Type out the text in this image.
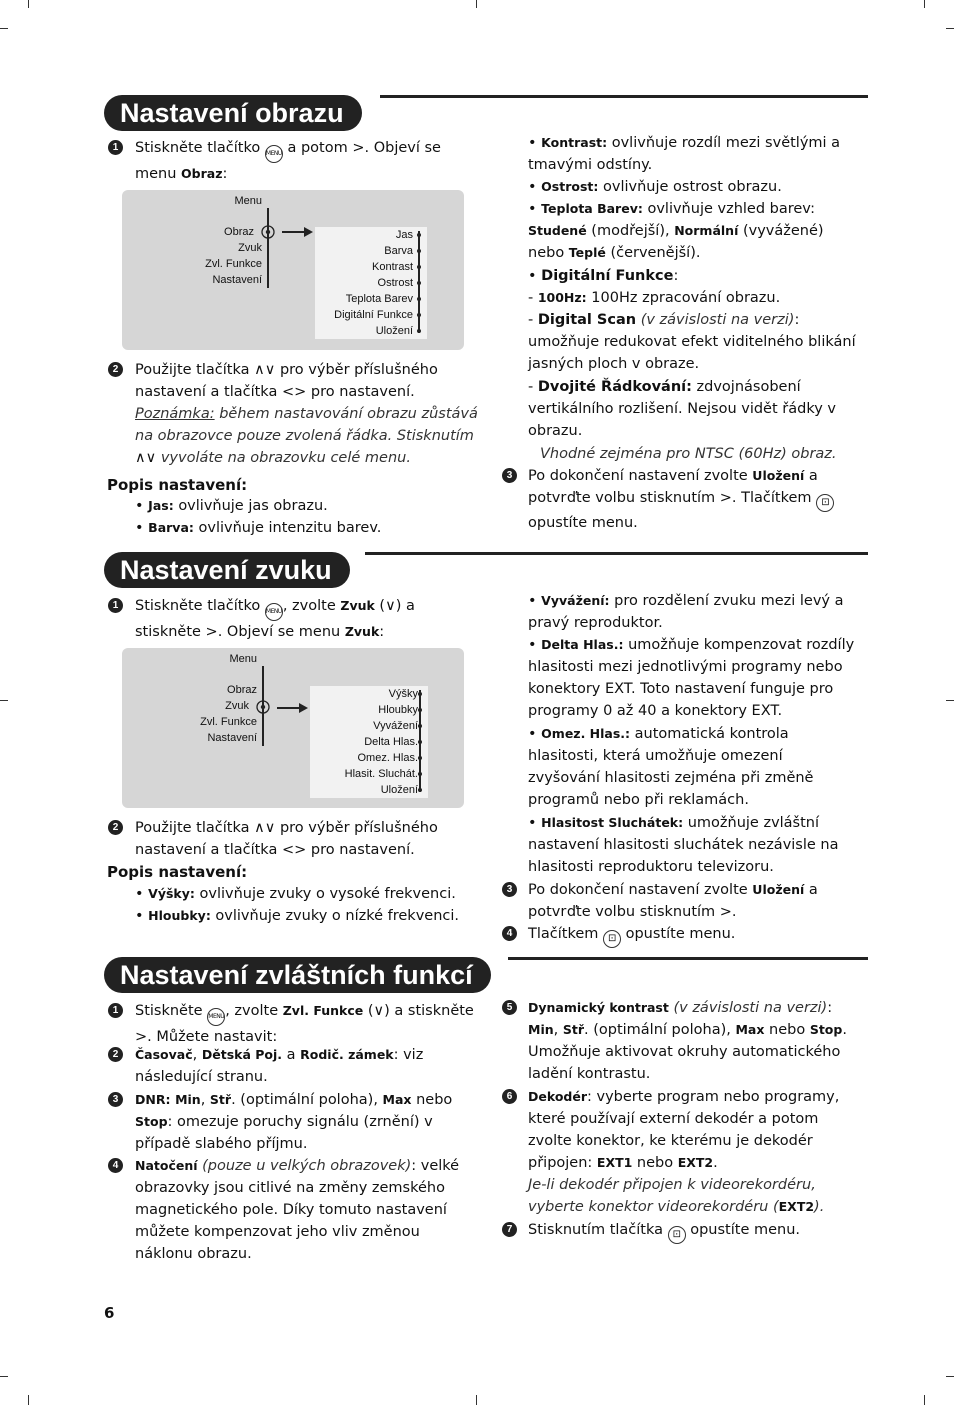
Nastavení obrazu
1	Stiskněte tlačítko MENU a potom >. Objeví se menu Obraz:
Menu
Obraz
Zvuk
Zvl. Funkce
Nastavení
Jas
Barva
Kontrast
Ostrost
Teplota Barev
Digitální Funkce
Uložení
2	Použijte tlačítka ∧∨ pro výběr příslušného nastavení a tlačítka <> pro nastavení.
Poznámka: během nastavování obrazu zůstává na obrazovce pouze zvolená řádka. Stisknutím ∧∨ vyvoláte na obrazovku celé menu.
Popis nastavení:
• Jas: ovlivňuje jas obrazu.
• Barva: ovlivňuje intenzitu barev.
• Kontrast: ovlivňuje rozdíl mezi světlými a tmavými odstíny.
• Ostrost: ovlivňuje ostrost obrazu.
• Teplota Barev: ovlivňuje vzhled barev: Studené (modřejší), Normální (vyvážené) nebo Teplé (červenější).
• Digitální Funkce:
- 100Hz: 100Hz zpracování obrazu.
- Digital Scan (v závislosti na verzi): umožňuje redukovat efekt viditelného blikání jasných ploch v obraze.
- Dvojité Řádkování: zdvojnásobení vertikálního rozlišení. Nejsou vidět řádky v obrazu.
Vhodné zejména pro NTSC (60Hz) obraz.
3	Po dokončení nastavení zvolte Uložení a potvrďte volbu stisknutím >. Tlačítkem ⊡ opustíte menu.
Nastavení zvuku
1	Stiskněte tlačítko MENU, zvolte Zvuk (∨) a stiskněte >. Objeví se menu Zvuk:
Menu
Obraz
Zvuk
Zvl. Funkce
Nastavení
Výšky
Hloubky
Vyvážení
Delta Hlas.
Omez. Hlas.
Hlasit. Sluchát.
Uložení
2	Použijte tlačítka ∧∨ pro výběr příslušného nastavení a tlačítka <> pro nastavení.
Popis nastavení:
• Výšky: ovlivňuje zvuky o vysoké frekvenci.
• Hloubky: ovlivňuje zvuky o nízké frekvenci.
• Vyvážení: pro rozdělení zvuku mezi levý a pravý reproduktor.
• Delta Hlas.: umožňuje kompenzovat rozdíly hlasitosti mezi jednotlivými programy nebo konektory EXT. Toto nastavení funguje pro programy 0 až 40 a konektory EXT.
• Omez. Hlas.: automatická kontrola hlasitosti, která umožňuje omezení zvyšování hlasitosti zejména při změně programů nebo při reklamách.
• Hlasitost Sluchátek: umožňuje zvláštní nastavení hlasitosti sluchátek nezávisle na hlasitosti reproduktoru televizoru.
3	Po dokončení nastavení zvolte Uložení a potvrďte volbu stisknutím >.
4	Tlačítkem ⊡ opustíte menu.
Nastavení zvláštních funkcí
1	Stiskněte MENU, zvolte Zvl. Funkce (∨) a stiskněte >. Můžete nastavit:
2	Časovač, Dětská Poj. a Rodič. zámek: viz následující stranu.
3	DNR: Min, Stř. (optimální poloha), Max nebo Stop: omezuje poruchy signálu (zrnění) v případě slabého příjmu.
4	Natočení (pouze u velkých obrazovek): velké obrazovky jsou citlivé na změny zemského magnetického pole. Díky tomuto nastavení můžete kompenzovat jeho vliv změnou náklonu obrazu.
5	Dynamický kontrast (v závislosti na verzi): Min, Stř. (optimální poloha), Max nebo Stop. Umožňuje aktivovat okruhy automatického ladění kontrastu.
6	Dekodér: vyberte program nebo programy, které používají externí dekodér a potom zvolte konektor, ke kterému je dekodér připojen: EXT1 nebo EXT2.
Je-li dekodér připojen k videorekordéru, vyberte konektor videorekordéru (EXT2).
7	Stisknutím tlačítka ⊡ opustíte menu.
6
